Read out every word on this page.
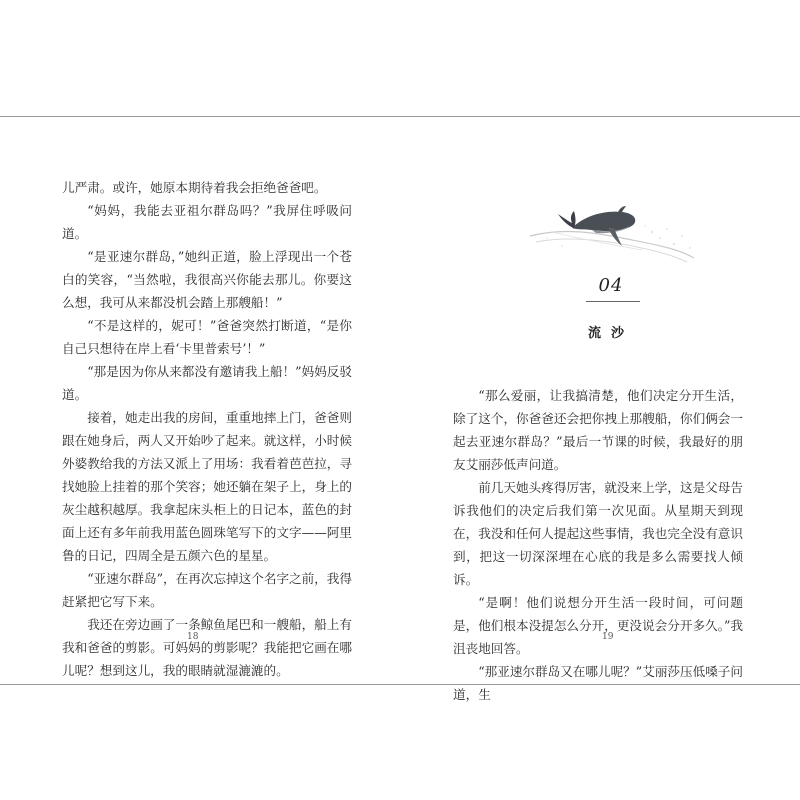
儿严肃。或许，她原本期待着我会拒绝爸爸吧。

“妈妈，我能去亚祖尔群岛吗？”我屏住呼吸问道。

“是亚速尔群岛，”她纠正道，脸上浮现出一个苍白的笑容，“当然啦，我很高兴你能去那儿。你要这么想，我可从来都没机会踏上那艘船！”

“不是这样的，妮可！”爸爸突然打断道，“是你自己只想待在岸上看‘卡里普索号’！”

“那是因为你从来都没有邀请我上船！”妈妈反驳道。

接着，她走出我的房间，重重地摔上门，爸爸则跟在她身后，两人又开始吵了起来。就这样，小时候外婆教给我的方法又派上了用场：我看着芭芭拉，寻找她脸上挂着的那个笑容；她还躺在架子上，身上的灰尘越积越厚。我拿起床头柜上的日记本，蓝色的封面上还有多年前我用蓝色圆珠笔写下的文字——阿里鲁的日记，四周全是五颜六色的星星。

“亚速尔群岛”，在再次忘掉这个名字之前，我得赶紧把它写下来。

我还在旁边画了一条鲸鱼尾巴和一艘船，船上有我和爸爸的剪影。可妈妈的剪影呢？我能把它画在哪儿呢？想到这儿，我的眼睛就湿漉漉的。

18
04
流沙

“那么爱丽，让我搞清楚，他们决定分开生活，除了这个，你爸爸还会把你拽上那艘船，你们俩会一起去亚速尔群岛？”最后一节课的时候，我最好的朋友艾丽莎低声问道。

前几天她头疼得厉害，就没来上学，这是父母告诉我他们的决定后我们第一次见面。从星期天到现在，我没和任何人提起这些事情，我也完全没有意识到，把这一切深深埋在心底的我是多么需要找人倾诉。

“是啊！他们说想分开生活一段时间，可问题是，他们根本没提怎么分开，更没说会分开多久。”我沮丧地回答。

“那亚速尔群岛又在哪儿呢？”艾丽莎压低嗓子问道，生

19
